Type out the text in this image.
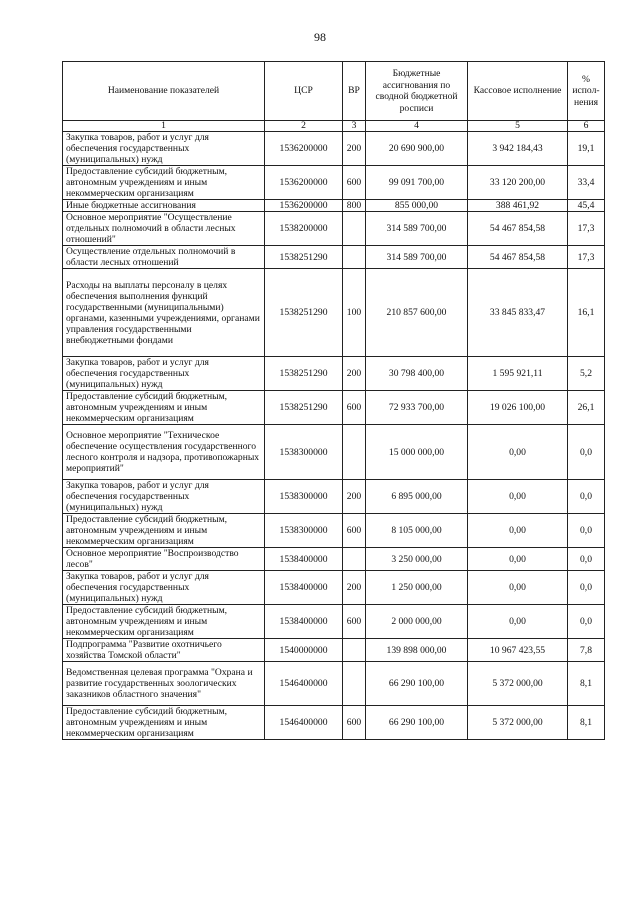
98
Наименование показателей	ЦСР	ВР	Бюджетные ассигнования по сводной бюджетной росписи	Кассовое исполнение	% испол-нения
1	2	3	4	5	6
Закупка товаров, работ и услуг для обеспечения государственных (муниципальных) нужд	1536200000	200	20 690 900,00	3 942 184,43	19,1
Предоставление субсидий бюджетным, автономным учреждениям и иным некоммерческим организациям	1536200000	600	99 091 700,00	33 120 200,00	33,4
Иные бюджетные ассигнования	1536200000	800	855 000,00	388 461,92	45,4
Основное мероприятие "Осуществление отдельных полномочий в области лесных отношений"	1538200000		314 589 700,00	54 467 854,58	17,3
Осуществление отдельных полномочий в области лесных отношений	1538251290		314 589 700,00	54 467 854,58	17,3
Расходы на выплаты персоналу в целях обеспечения выполнения функций государственными (муниципальными) органами, казенными учреждениями, органами управления государственными внебюджетными фондами	1538251290	100	210 857 600,00	33 845 833,47	16,1
Закупка товаров, работ и услуг для обеспечения государственных (муниципальных) нужд	1538251290	200	30 798 400,00	1 595 921,11	5,2
Предоставление субсидий бюджетным, автономным учреждениям и иным некоммерческим организациям	1538251290	600	72 933 700,00	19 026 100,00	26,1
Основное мероприятие "Техническое обеспечение осуществления государственного лесного контроля и надзора, противопожарных мероприятий"	1538300000		15 000 000,00	0,00	0,0
Закупка товаров, работ и услуг для обеспечения государственных (муниципальных) нужд	1538300000	200	6 895 000,00	0,00	0,0
Предоставление субсидий бюджетным, автономным учреждениям и иным некоммерческим организациям	1538300000	600	8 105 000,00	0,00	0,0
Основное мероприятие "Воспроизводство лесов"	1538400000		3 250 000,00	0,00	0,0
Закупка товаров, работ и услуг для обеспечения государственных (муниципальных) нужд	1538400000	200	1 250 000,00	0,00	0,0
Предоставление субсидий бюджетным, автономным учреждениям и иным некоммерческим организациям	1538400000	600	2 000 000,00	0,00	0,0
Подпрограмма "Развитие охотничьего хозяйства Томской области"	1540000000		139 898 000,00	10 967 423,55	7,8
Ведомственная целевая программа "Охрана и развитие государственных зоологических заказников областного значения"	1546400000		66 290 100,00	5 372 000,00	8,1
Предоставление субсидий бюджетным, автономным учреждениям и иным некоммерческим организациям	1546400000	600	66 290 100,00	5 372 000,00	8,1
